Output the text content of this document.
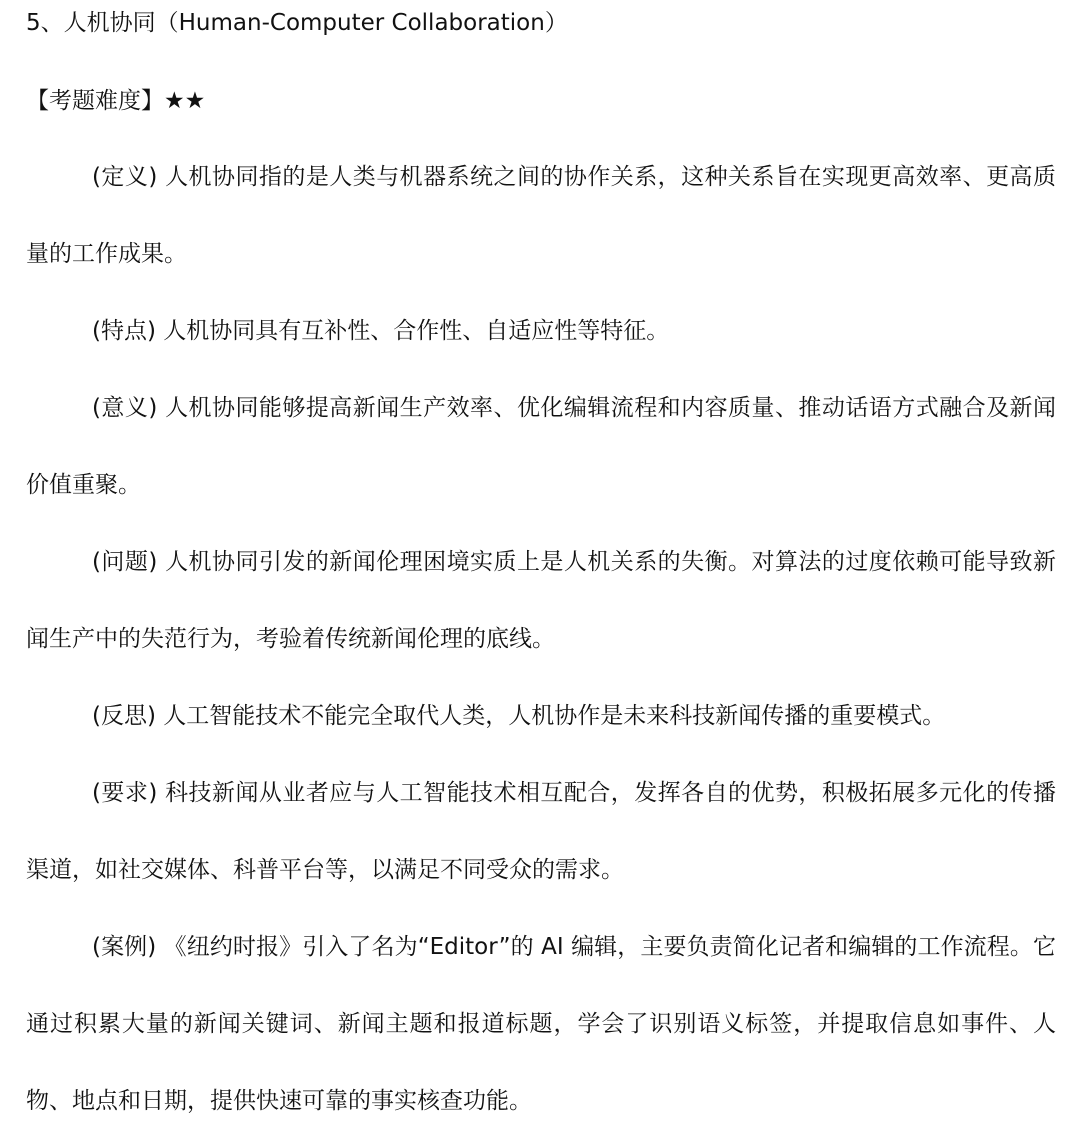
5、人机协同（Human-Computer Collaboration）
【考题难度】★★

(定义) 人机协同指的是人类与机器系统之间的协作关系，这种关系旨在实现更高效率、更高质量的工作成果。

(特点) 人机协同具有互补性、合作性、自适应性等特征。

(意义) 人机协同能够提高新闻生产效率、优化编辑流程和内容质量、推动话语方式融合及新闻价值重聚。

(问题) 人机协同引发的新闻伦理困境实质上是人机关系的失衡。对算法的过度依赖可能导致新闻生产中的失范行为，考验着传统新闻伦理的底线。

(反思) 人工智能技术不能完全取代人类，人机协作是未来科技新闻传播的重要模式。

(要求) 科技新闻从业者应与人工智能技术相互配合，发挥各自的优势，积极拓展多元化的传播渠道，如社交媒体、科普平台等，以满足不同受众的需求。

(案例) 《纽约时报》引入了名为“Editor”的 AI 编辑，主要负责简化记者和编辑的工作流程。它通过积累大量的新闻关键词、新闻主题和报道标题，学会了识别语义标签，并提取信息如事件、人物、地点和日期，提供快速可靠的事实核查功能。
